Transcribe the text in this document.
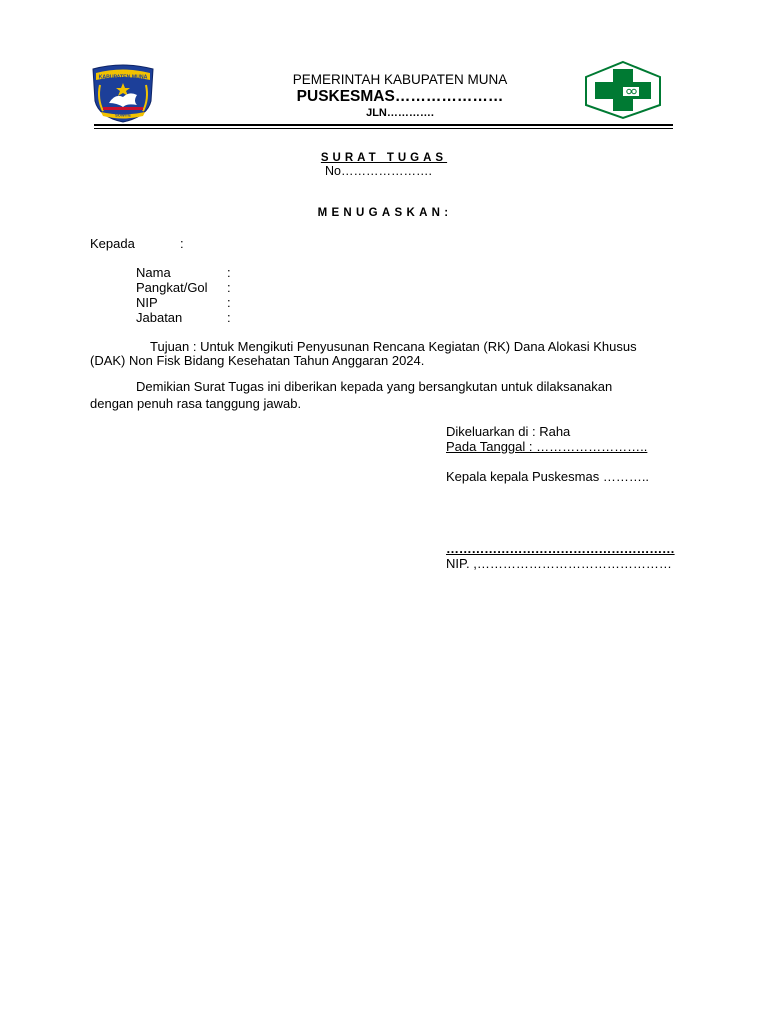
KABUPATEN MUNA
SOWITE
PEMERINTAH KABUPATEN MUNA
PUSKESMAS…………………
JLN………….
SURAT TUGAS
No………………….
MENUGASKAN:
Kepada	:
Nama	:
Pangkat/Gol :
NIP	:
Jabatan	:
Tujuan : Untuk Mengikuti Penyusunan Rencana Kegiatan (RK) Dana Alokasi Khusus
(DAK) Non Fisk Bidang Kesehatan Tahun Anggaran 2024.
Demikian Surat Tugas ini diberikan kepada yang bersangkutan untuk dilaksanakan
dengan penuh rasa tanggung jawab.
Dikeluarkan di : Raha
Pada Tanggal : ……………………..
Kepala kepala Puskesmas ………..
………………………………………………
NIP. ,………………………………………
